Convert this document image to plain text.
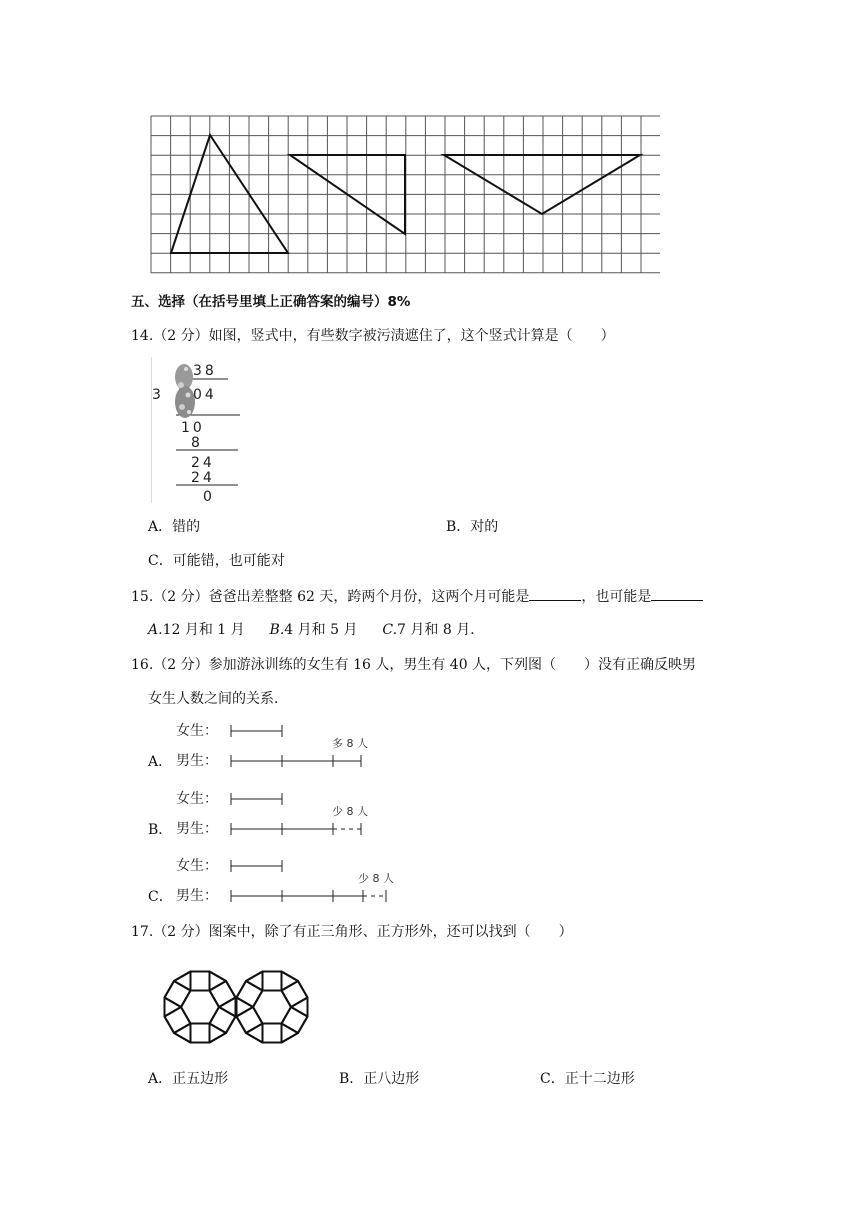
五、选择（在括号里填上正确答案的编号）8%
14.（2 分）如图，竖式中，有些数字被污渍遮住了，这个竖式计算是（　　）
3
38
04
10
8
24
24
0
A．错的	B．对的
C．可能错，也可能对
15.（2 分）爸爸出差整整 62 天，跨两个月份，这两个月可能是	，也可能是
A.12 月和 1 月 B.4 月和 5 月 C.7 月和 8 月．
16.（2 分）参加游泳训练的女生有 16 人，男生有 40 人，下列图（　　）没有正确反映男
女生人数之间的关系．
A．
女生：
男生：
多 8 人
B．
女生：
男生：
少 8 人
C．
女生：
男生：
少 8 人
17.（2 分）图案中，除了有正三角形、正方形外，还可以找到（　　）
A．正五边形	B．正八边形	C．正十二边形
